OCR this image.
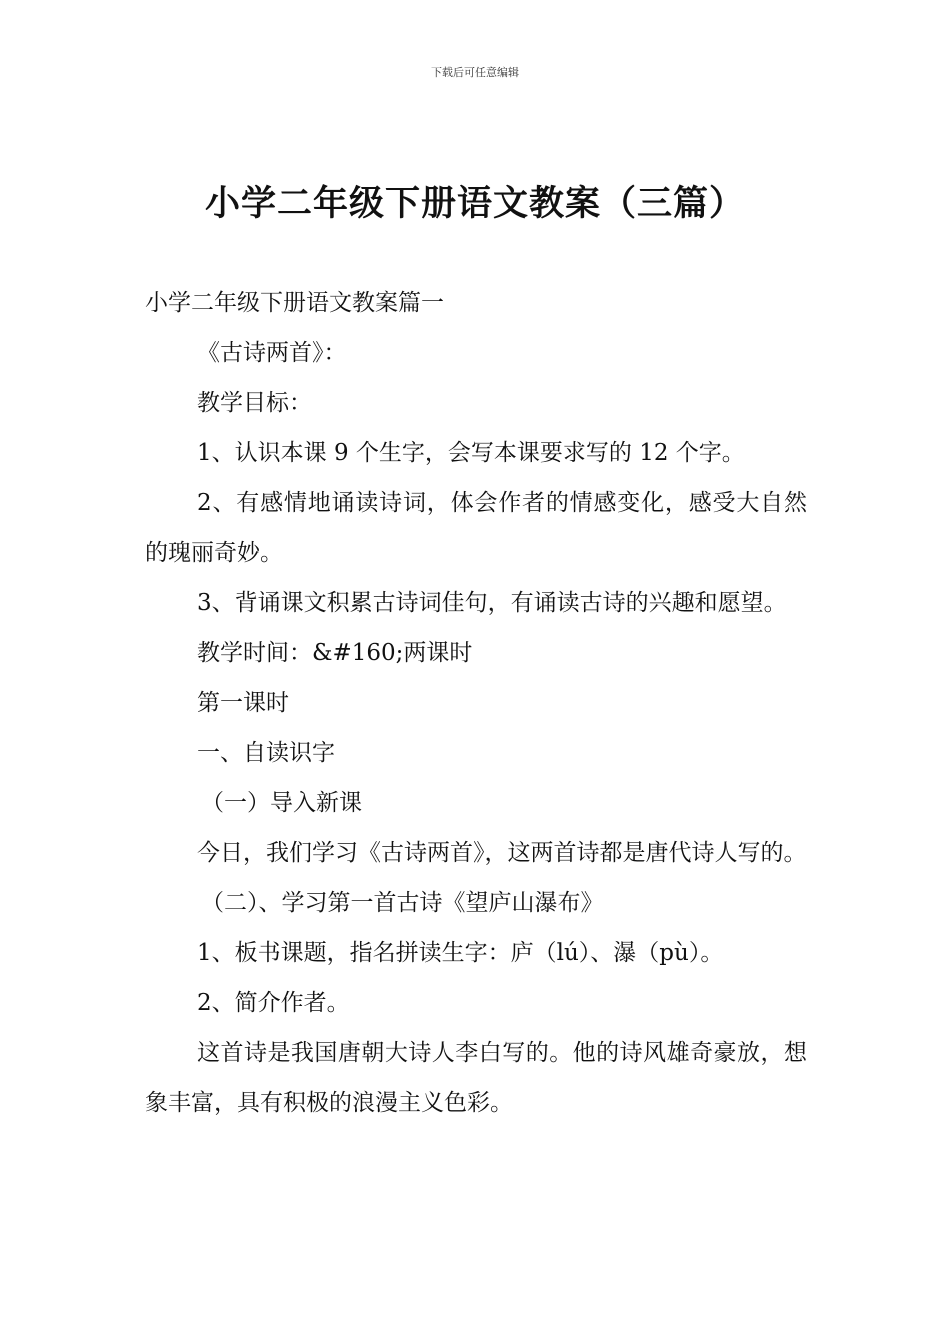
下载后可任意编辑
小学二年级下册语文教案（三篇）

小学二年级下册语文教案篇一

《古诗两首》：

教学目标：

1、认识本课 9 个生字，会写本课要求写的 12 个字。

2、有感情地诵读诗词，体会作者的情感变化，感受大自然的瑰丽奇妙。

3、背诵课文积累古诗词佳句，有诵读古诗的兴趣和愿望。

教学时间：&#160;两课时

第一课时

一、自读识字

（一）导入新课

今日，我们学习《古诗两首》，这两首诗都是唐代诗人写的。

（二）、学习第一首古诗《望庐山瀑布》

1、板书课题，指名拼读生字：庐（lú）、瀑（pù）。

2、简介作者。

这首诗是我国唐朝大诗人李白写的。他的诗风雄奇豪放，想象丰富，具有积极的浪漫主义色彩。
